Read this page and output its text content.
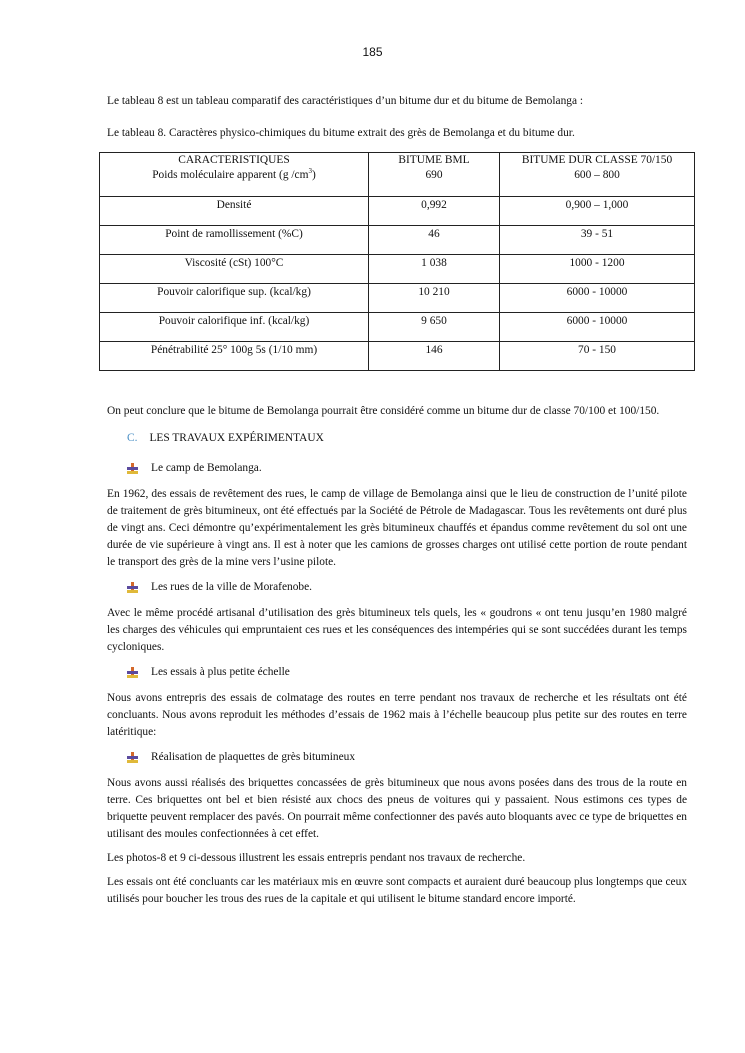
185

Le tableau 8 est un tableau comparatif des caractéristiques d’un bitume dur et du bitume de Bemolanga :

Le tableau 8. Caractères physico-chimiques du bitume extrait des grès de Bemolanga et du bitume dur.

CARACTERISTIQUES	BITUME BML	BITUME DUR CLASSE 70/150
Poids moléculaire apparent (g $/cm^3$)	690	600 – 800
Densité	0,992	0,900 – 1,000
Point de ramollissement (%C)	46	39 - 51
Viscosité (cSt) 100°C	1 038	1000 - 1200
Pouvoir calorifique sup. (kcal/kg)	10 210	6000 - 10000
Pouvoir calorifique inf. (kcal/kg)	9 650	6000 - 10000
Pénétrabilité 25° 100g 5s (1/10 mm)	146	70 - 150

On peut conclure que le bitume de Bemolanga pourrait être considéré comme un bitume dur de classe 70/100 et 100/150.

C. LES TRAVAUX EXPÉRIMENTAUX
Le camp de Bemolanga.

En 1962, des essais de revêtement des rues, le camp de village de Bemolanga ainsi que le lieu de construction de l’unité pilote de traitement de grès bitumineux, ont été effectués par la Société de Pétrole de Madagascar. Tous les revêtements ont duré plus de vingt ans. Ceci démontre qu’expérimentalement les grès bitumineux chauffés et épandus comme revêtement du sol ont une durée de vie supérieure à vingt ans. Il est à noter que les camions de grosses charges ont utilisé cette portion de route pendant le transport des grès de la mine vers l’usine pilote.

Les rues de la ville de Morafenobe.

Avec le même procédé artisanal d’utilisation des grès bitumineux tels quels, les « goudrons « ont tenu jusqu’en 1980 malgré les charges des véhicules qui empruntaient ces rues et les conséquences des intempéries qui se sont succédées durant les temps cycloniques.

Les essais à plus petite échelle

Nous avons entrepris des essais de colmatage des routes en terre pendant nos travaux de recherche et les résultats ont été concluants. Nous avons reproduit les méthodes d’essais de 1962 mais à l’échelle beaucoup plus petite sur des routes en terre latéritique:

Réalisation de plaquettes de grès bitumineux

Nous avons aussi réalisés des briquettes concassées de grès bitumineux que nous avons posées dans des trous de la route en terre. Ces briquettes ont bel et bien résisté aux chocs des pneus de voitures qui y passaient. Nous estimons ces types de briquette peuvent remplacer des pavés. On pourrait même confectionner des pavés auto bloquants avec ce type de briquettes en utilisant des moules confectionnées à cet effet.

Les photos-8 et 9 ci-dessous illustrent les essais entrepris pendant nos travaux de recherche.

Les essais ont été concluants car les matériaux mis en œuvre sont compacts et auraient duré beaucoup plus longtemps que ceux utilisés pour boucher les trous des rues de la capitale et qui utilisent le bitume standard encore importé.
